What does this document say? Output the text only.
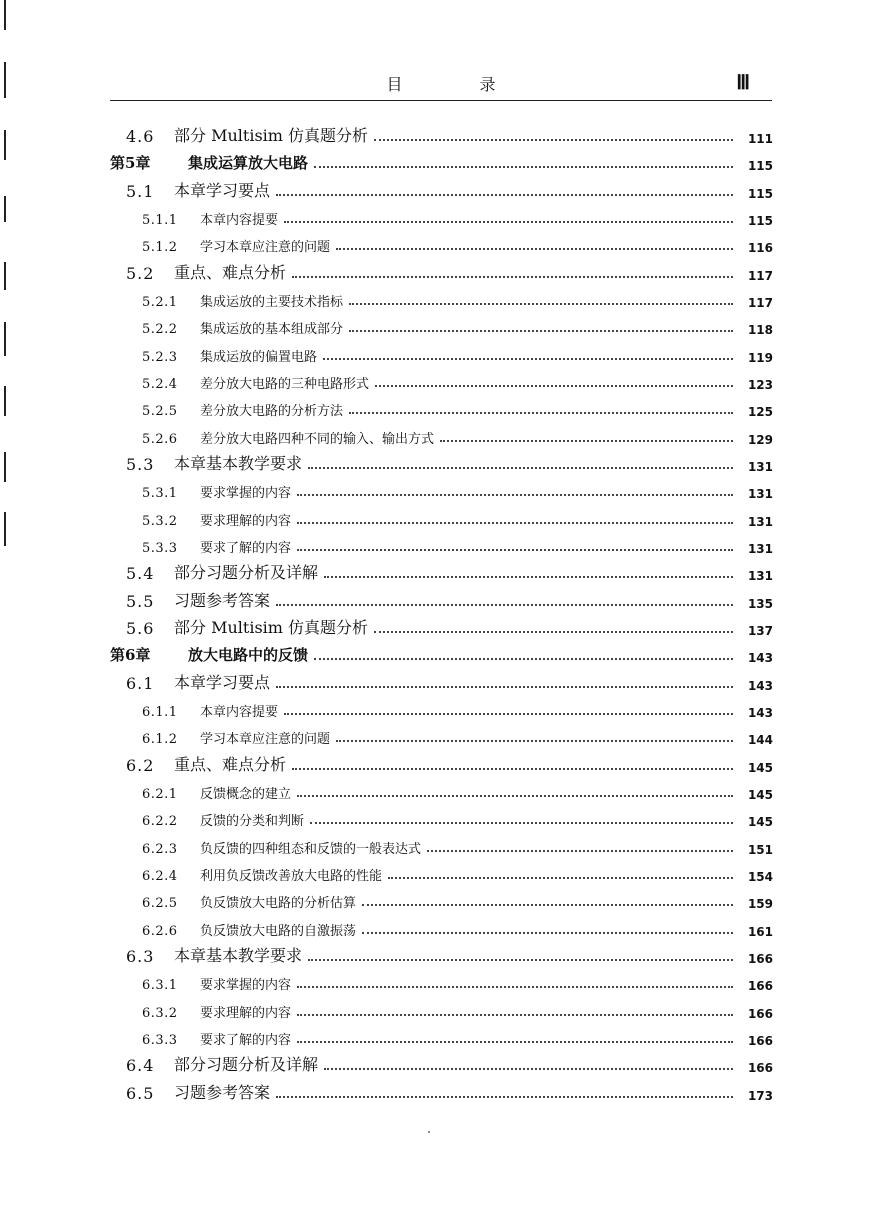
目 录	Ⅲ
4.6	部分 Multisim 仿真题分析	111
第5章	集成运算放大电路	115
5.1	本章学习要点	115
5.1.1	本章内容提要	115
5.1.2	学习本章应注意的问题	116
5.2	重点、难点分析	117
5.2.1	集成运放的主要技术指标	117
5.2.2	集成运放的基本组成部分	118
5.2.3	集成运放的偏置电路	119
5.2.4	差分放大电路的三种电路形式	123
5.2.5	差分放大电路的分析方法	125
5.2.6	差分放大电路四种不同的输入、输出方式	129
5.3	本章基本教学要求	131
5.3.1	要求掌握的内容	131
5.3.2	要求理解的内容	131
5.3.3	要求了解的内容	131
5.4	部分习题分析及详解	131
5.5	习题参考答案	135
5.6	部分 Multisim 仿真题分析	137
第6章	放大电路中的反馈	143
6.1	本章学习要点	143
6.1.1	本章内容提要	143
6.1.2	学习本章应注意的问题	144
6.2	重点、难点分析	145
6.2.1	反馈概念的建立	145
6.2.2	反馈的分类和判断	145
6.2.3	负反馈的四种组态和反馈的一般表达式	151
6.2.4	利用负反馈改善放大电路的性能	154
6.2.5	负反馈放大电路的分析估算	159
6.2.6	负反馈放大电路的自激振荡	161
6.3	本章基本教学要求	166
6.3.1	要求掌握的内容	166
6.3.2	要求理解的内容	166
6.3.3	要求了解的内容	166
6.4	部分习题分析及详解	166
6.5	习题参考答案	173
